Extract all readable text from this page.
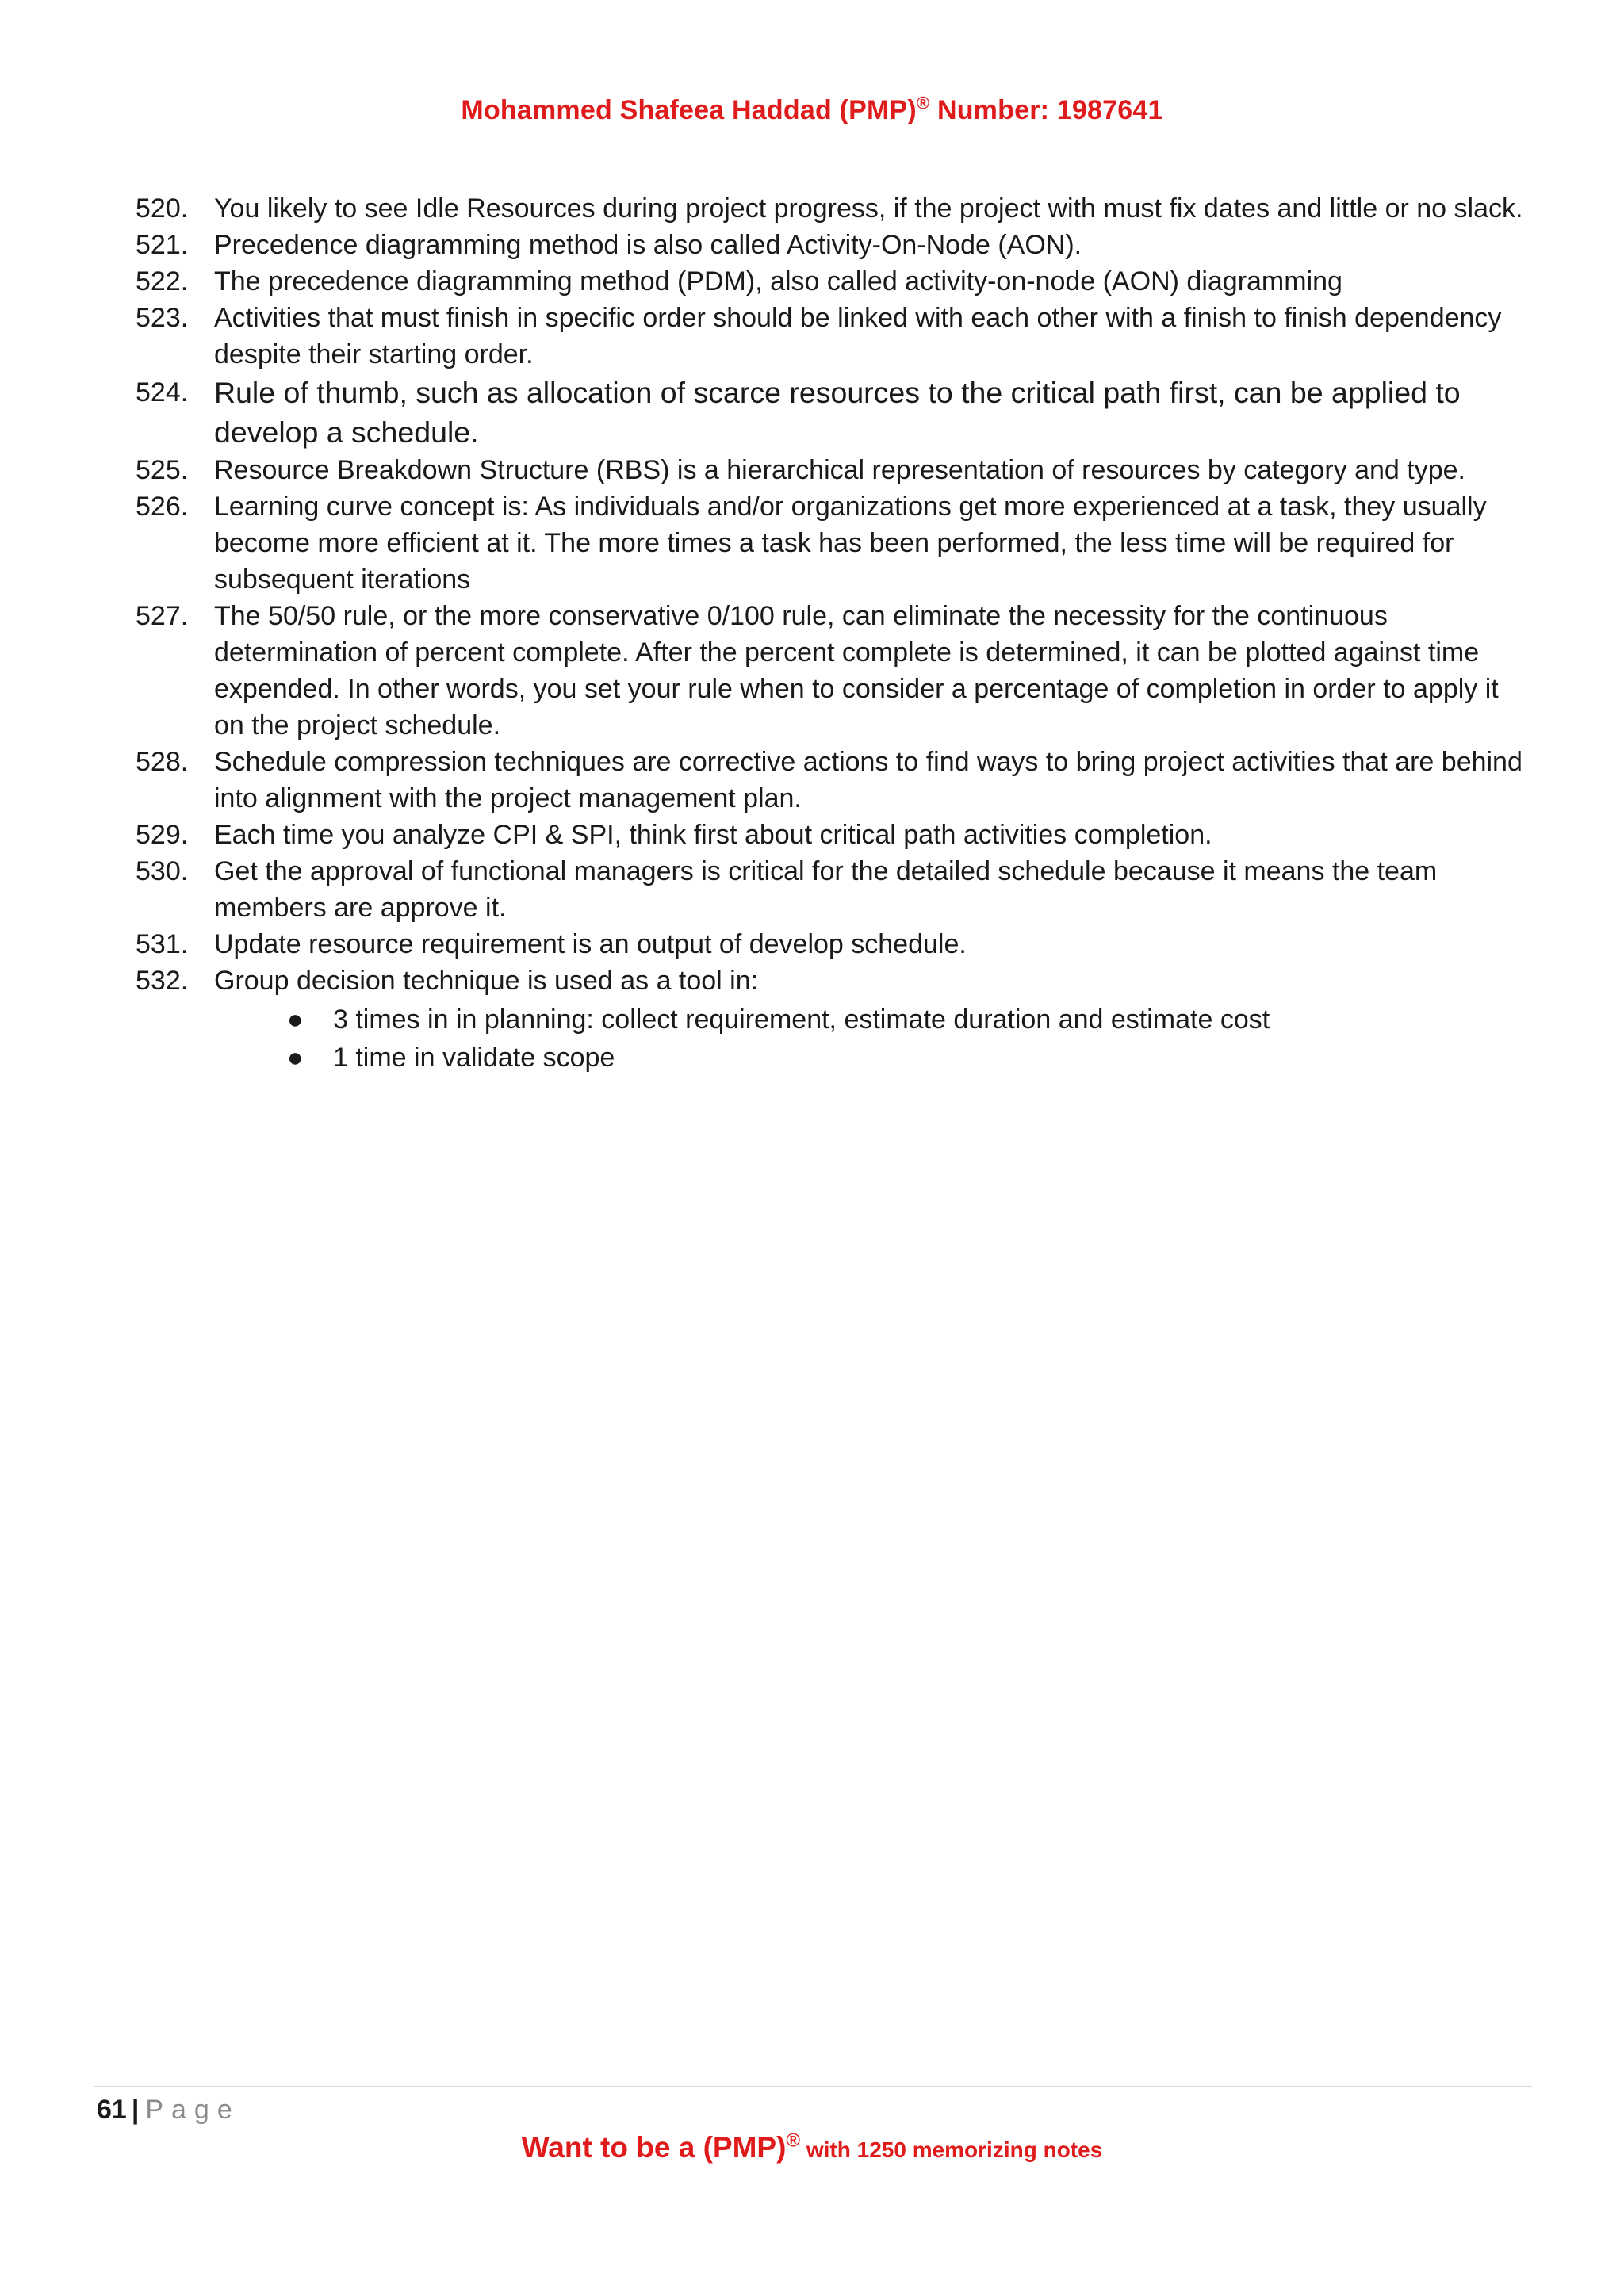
Mohammed Shafeea Haddad (PMP)® Number: 1987641
520. You likely to see Idle Resources during project progress, if the project with must fix dates and little or no slack.
521. Precedence diagramming method is also called Activity-On-Node (AON).
522. The precedence diagramming method (PDM), also called activity-on-node (AON) diagramming
523. Activities that must finish in specific order should be linked with each other with a finish to finish dependency despite their starting order.
524. Rule of thumb, such as allocation of scarce resources to the critical path first, can be applied to develop a schedule.
525. Resource Breakdown Structure (RBS) is a hierarchical representation of resources by category and type.
526. Learning curve concept is: As individuals and/or organizations get more experienced at a task, they usually become more efficient at it. The more times a task has been performed, the less time will be required for subsequent iterations
527. The 50/50 rule, or the more conservative 0/100 rule, can eliminate the necessity for the continuous determination of percent complete. After the percent complete is determined, it can be plotted against time expended. In other words, you set your rule when to consider a percentage of completion in order to apply it on the project schedule.
528. Schedule compression techniques are corrective actions to find ways to bring project activities that are behind into alignment with the project management plan.
529. Each time you analyze CPI & SPI, think first about critical path activities completion.
530. Get the approval of functional managers is critical for the detailed schedule because it means the team members are approve it.
531. Update resource requirement is an output of develop schedule.
532. Group decision technique is used as a tool in:
● 3 times in in planning: collect requirement, estimate duration and estimate cost
● 1 time in validate scope
61 | Page
Want to be a (PMP)® with 1250 memorizing notes
